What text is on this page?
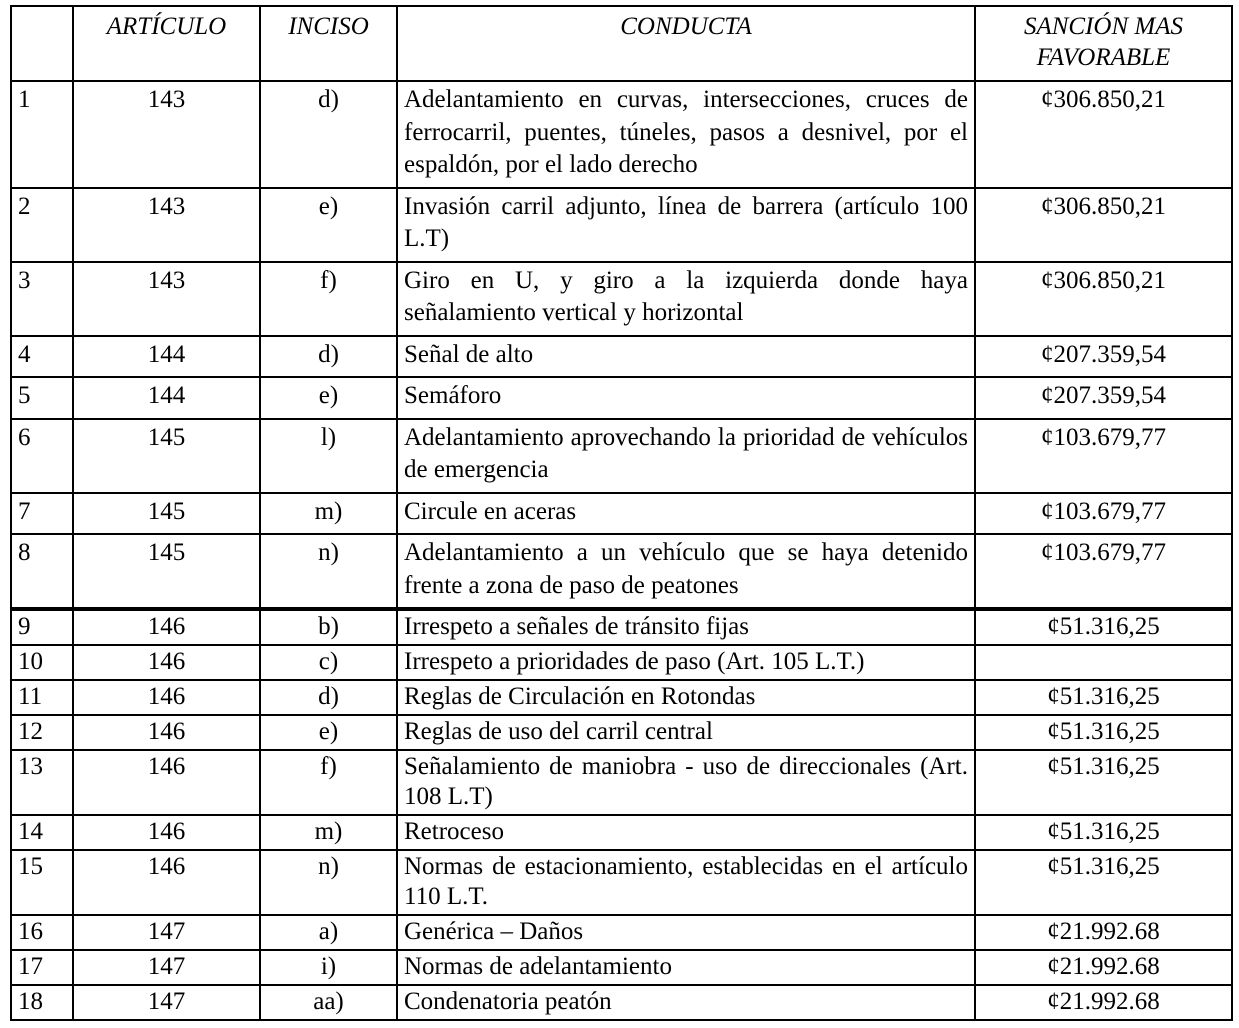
	ARTÍCULO	INCISO	CONDUCTA	SANCIÓN MAS
FAVORABLE

1	143	d)	Adelantamiento en curvas, intersecciones, cruces de ferrocarril, puentes, túneles, pasos a desnivel, por el espaldón, por el lado derecho	¢306.850,21
2	143	e)	Invasión carril adjunto, línea de barrera (artículo 100 L.T)	¢306.850,21
3	143	f)	Giro en U, y giro a la izquierda donde haya señalamiento vertical y horizontal	¢306.850,21
4	144	d)	Señal de alto	¢207.359,54
5	144	e)	Semáforo	¢207.359,54
6	145	l)	Adelantamiento aprovechando la prioridad de vehículos de emergencia	¢103.679,77
7	145	m)	Circule en aceras	¢103.679,77
8	145	n)	Adelantamiento a un vehículo que se haya detenido frente a zona de paso de peatones	¢103.679,77
9	146	b)	Irrespeto a señales de tránsito fijas	¢51.316,25
10	146	c)	Irrespeto a prioridades de paso (Art. 105 L.T.)	
11	146	d)	Reglas de Circulación en Rotondas	¢51.316,25
12	146	e)	Reglas de uso del carril central	¢51.316,25
13	146	f)	Señalamiento de maniobra - uso de direccionales (Art. 108 L.T)	¢51.316,25
14	146	m)	Retroceso	¢51.316,25
15	146	n)	Normas de estacionamiento, establecidas en el artículo 110 L.T.	¢51.316,25
16	147	a)	Genérica – Daños	¢21.992.68
17	147	i)	Normas de adelantamiento	¢21.992.68
18	147	aa)	Condenatoria peatón	¢21.992.68
